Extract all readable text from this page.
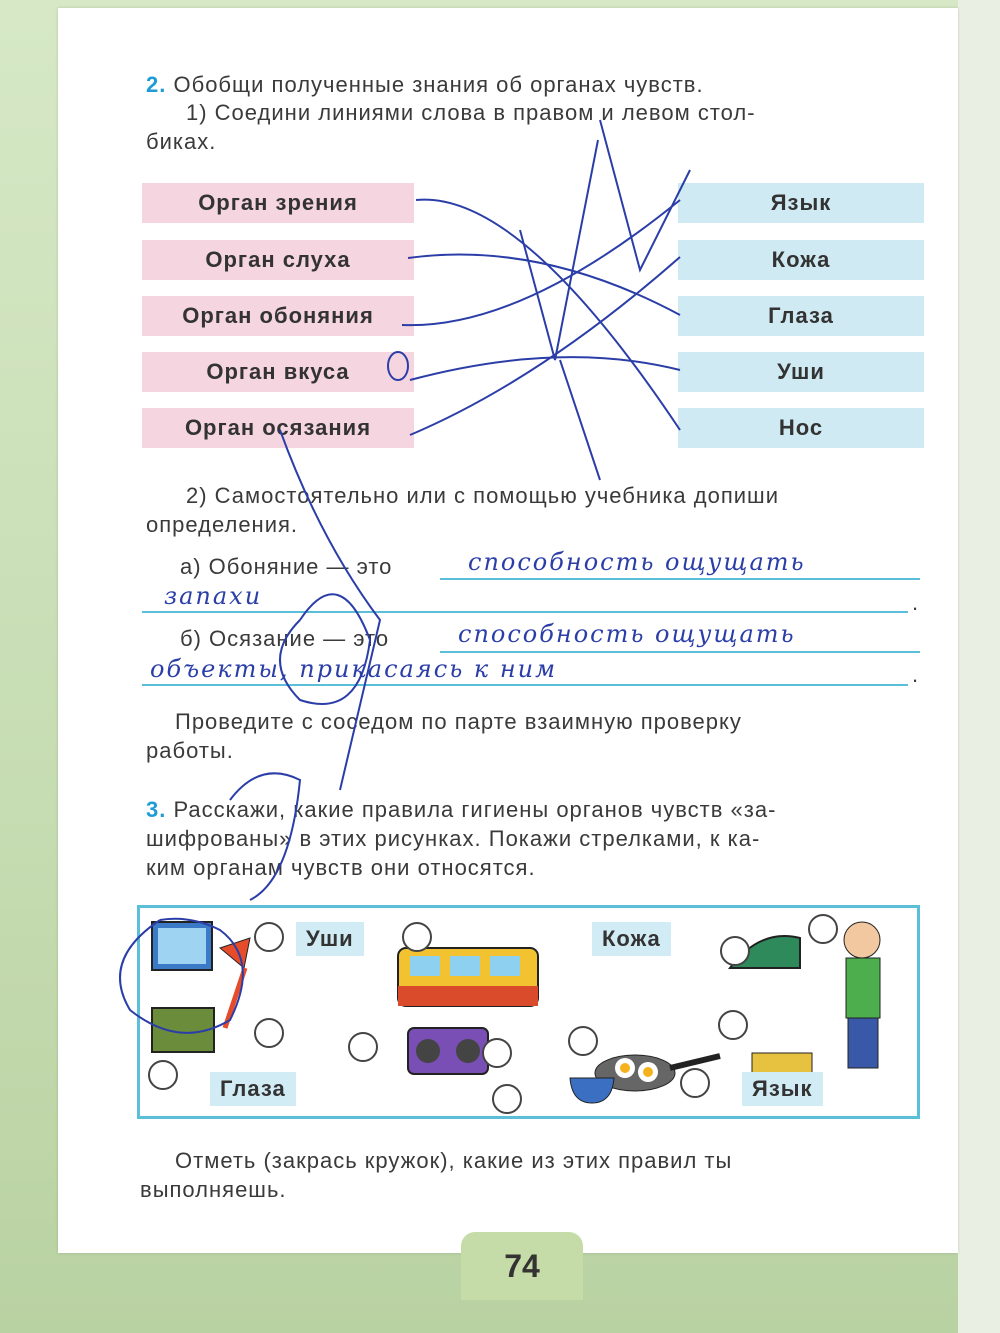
2. Обобщи полученные знания об органах чувств.
1) Соедини линиями слова в правом и левом стол-
биках.
Орган зрения
Орган слуха
Орган обоняния
Орган вкуса
Орган осязания
Язык
Кожа
Глаза
Уши
Нос
2) Самостоятельно или с помощью учебника допиши
определения.
а) Обоняние — это	способность ощущать
запахи	.
б) Осязание — это	способность ощущать
объекты, прикасаясь к ним	.
Проведите с соседом по парте взаимную проверку
работы.
3. Расскажи, какие правила гигиены органов чувств «за-
шифрованы» в этих рисунках. Покажи стрелками, к ка-
ким органам чувств они относятся.
Уши	Кожа
Глаза	Язык
Отметь (закрась кружок), какие из этих правил ты
выполняешь.
74
